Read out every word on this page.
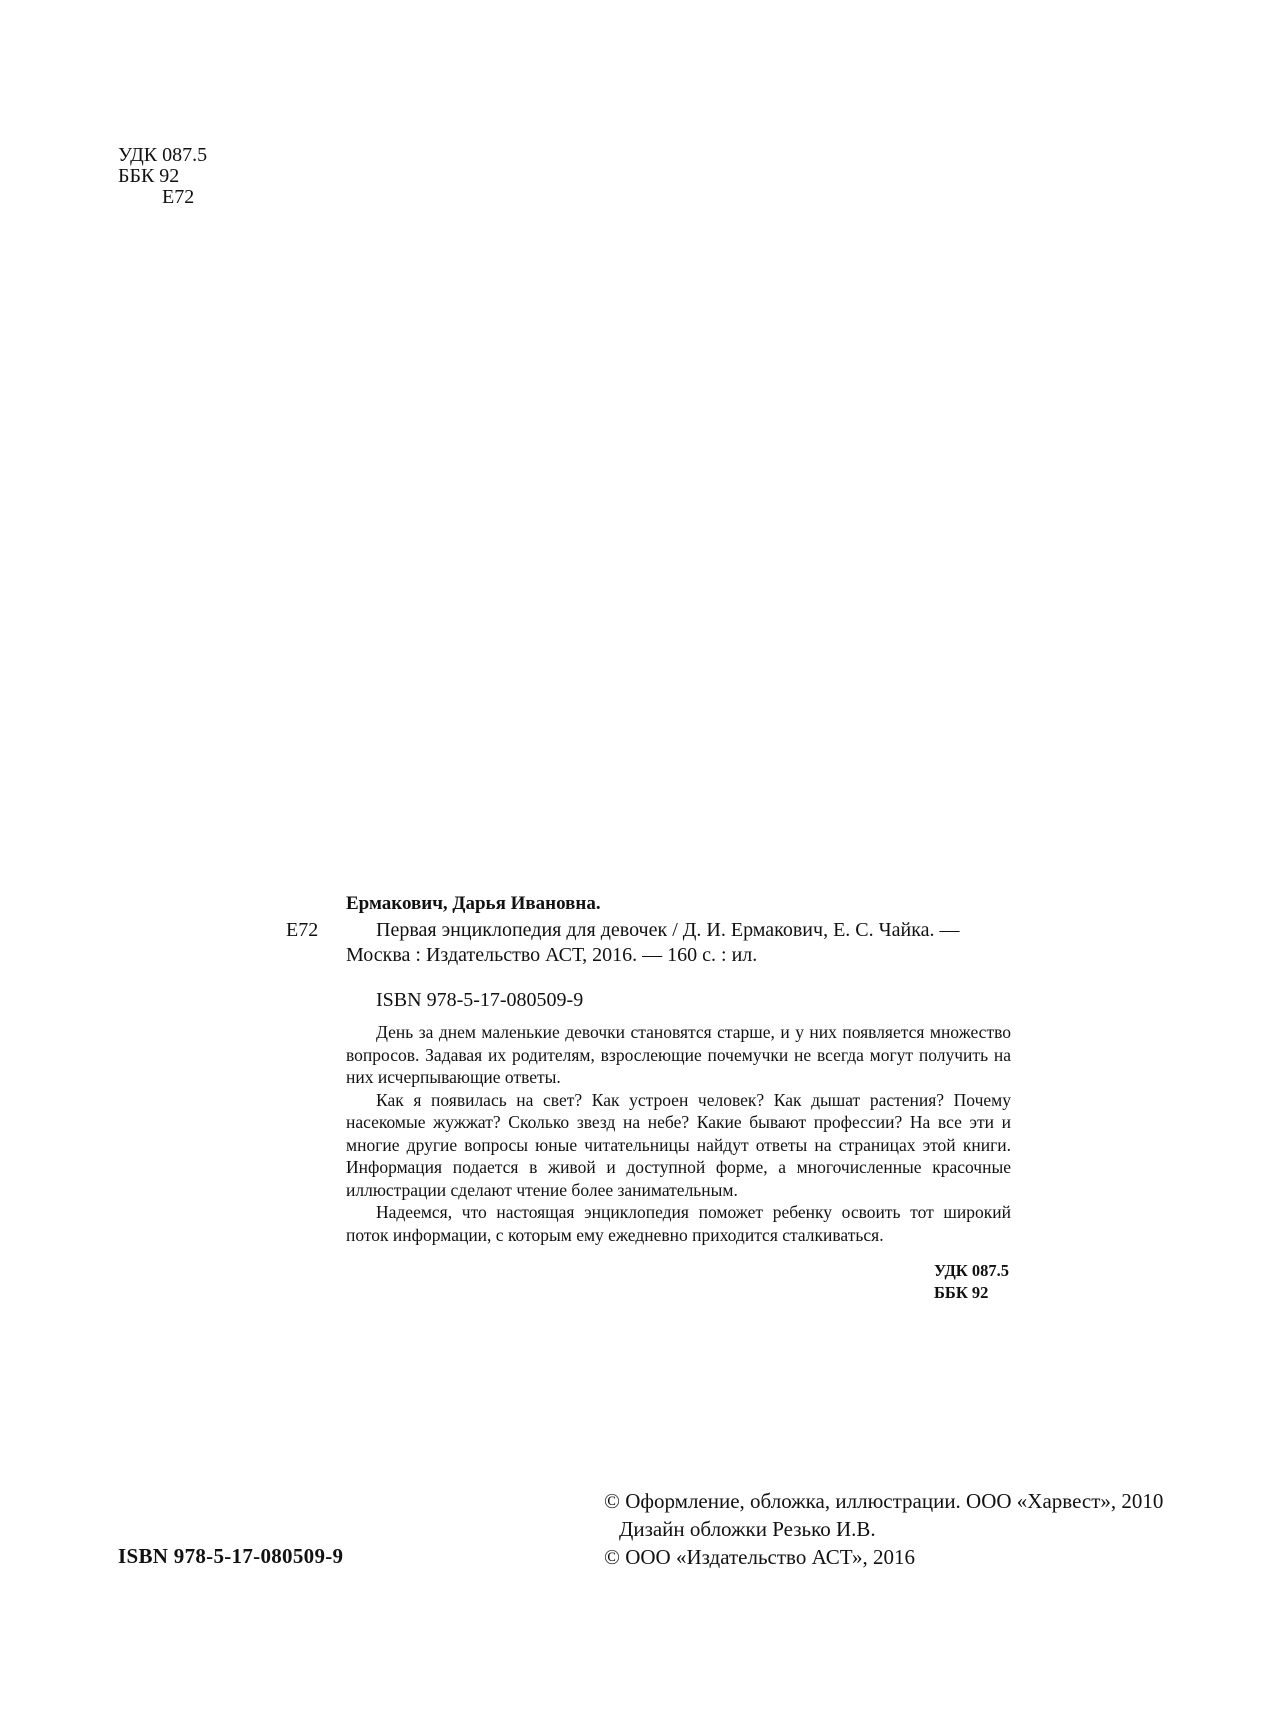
УДК 087.5
ББК 92
Е72
Ермакович, Дарья Ивановна.
Е72	Первая энциклопедия для девочек / Д. И. Ермакович, Е. С. Чайка. —
Москва : Издательство АСТ, 2016. — 160 с. : ил.
ISBN 978-5-17-080509-9

День за днем маленькие девочки становятся старше, и у них появляется множество вопросов. Задавая их родителям, взрослеющие почемучки не всегда могут получить на них исчерпывающие ответы.

Как я появилась на свет? Как устроен человек? Как дышат растения? Почему насекомые жужжат? Сколько звезд на небе? Какие бывают профессии? На все эти и многие другие вопросы юные читательницы найдут ответы на страницах этой книги. Информация подается в живой и доступной форме, а многочисленные красочные иллюстрации сделают чтение более занимательным.

Надеемся, что настоящая энциклопедия поможет ребенку освоить тот широкий поток информации, с которым ему ежедневно приходится сталкиваться.

УДК 087.5
ББК 92
ISBN 978-5-17-080509-9
© Оформление, обложка, иллюстрации. ООО «Харвест», 2010
Дизайн обложки Резько И.В.
© ООО «Издательство АСТ», 2016
